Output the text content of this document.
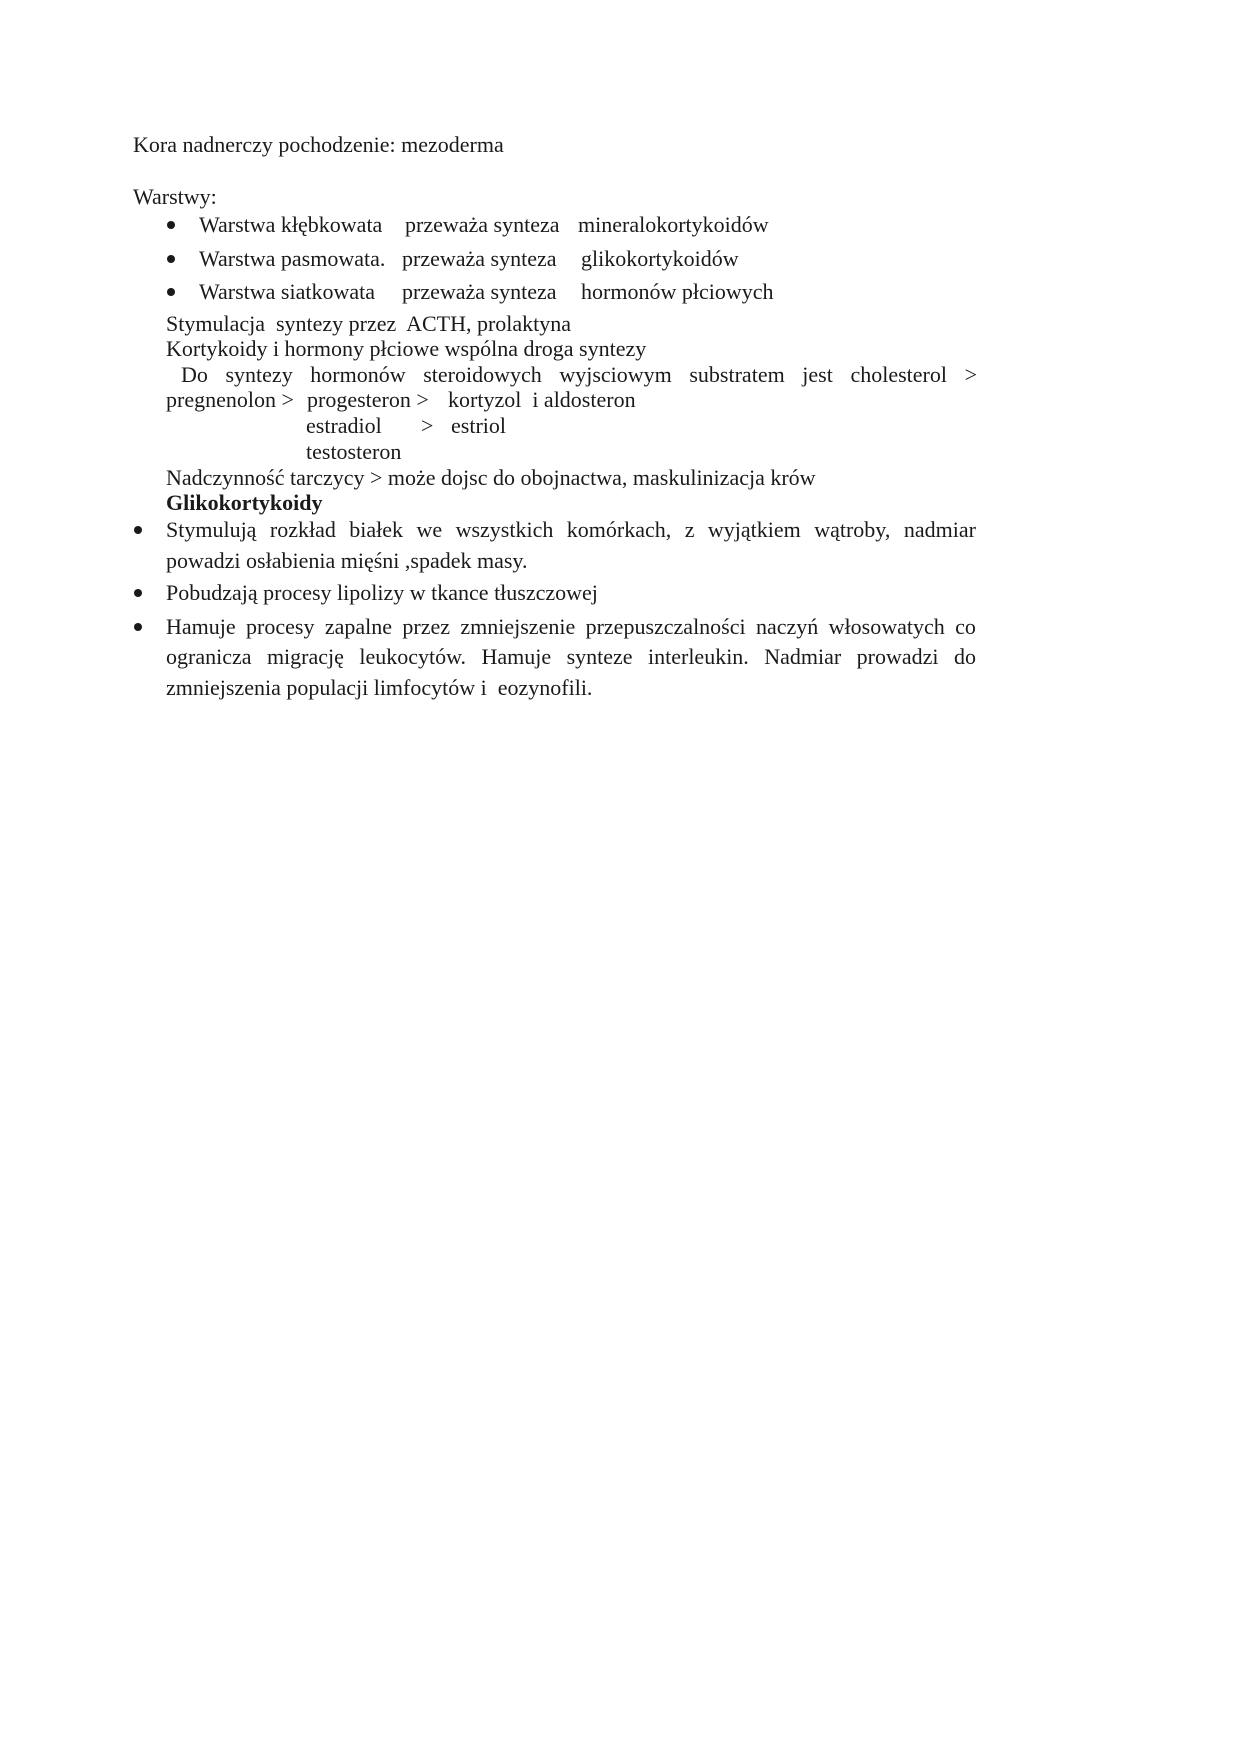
Kora nadnerczy pochodzenie: mezoderma
Warstwy:
Warstwa kłębkowata przeważa synteza mineralokortykoidów
Warstwa pasmowata. przeważa synteza glikokortykoidów
Warstwa siatkowata przeważa synteza hormonów płciowych
Stymulacja  syntezy przez  ACTH, prolaktyna
Kortykoidy i hormony płciowe wspólna droga syntezy
Do syntezy hormonów steroidowych wyjsciowym substratem jest cholesterol >
pregnenolon > progesteron > kortyzol  i aldosteron
estradiol > estriol
testosteron
Nadczynność tarczycy > może dojsc do obojnactwa, maskulinizacja krów
Glikokortykoidy
Stymulują rozkład białek we wszystkich komórkach, z wyjątkiem wątroby, nadmiar
powadzi osłabienia mięśni ,spadek masy.
Pobudzają procesy lipolizy w tkance tłuszczowej
Hamuje procesy zapalne przez zmniejszenie przepuszczalności naczyń włosowatych co
ogranicza migrację leukocytów. Hamuje synteze interleukin. Nadmiar prowadzi do
zmniejszenia populacji limfocytów i  eozynofili.
